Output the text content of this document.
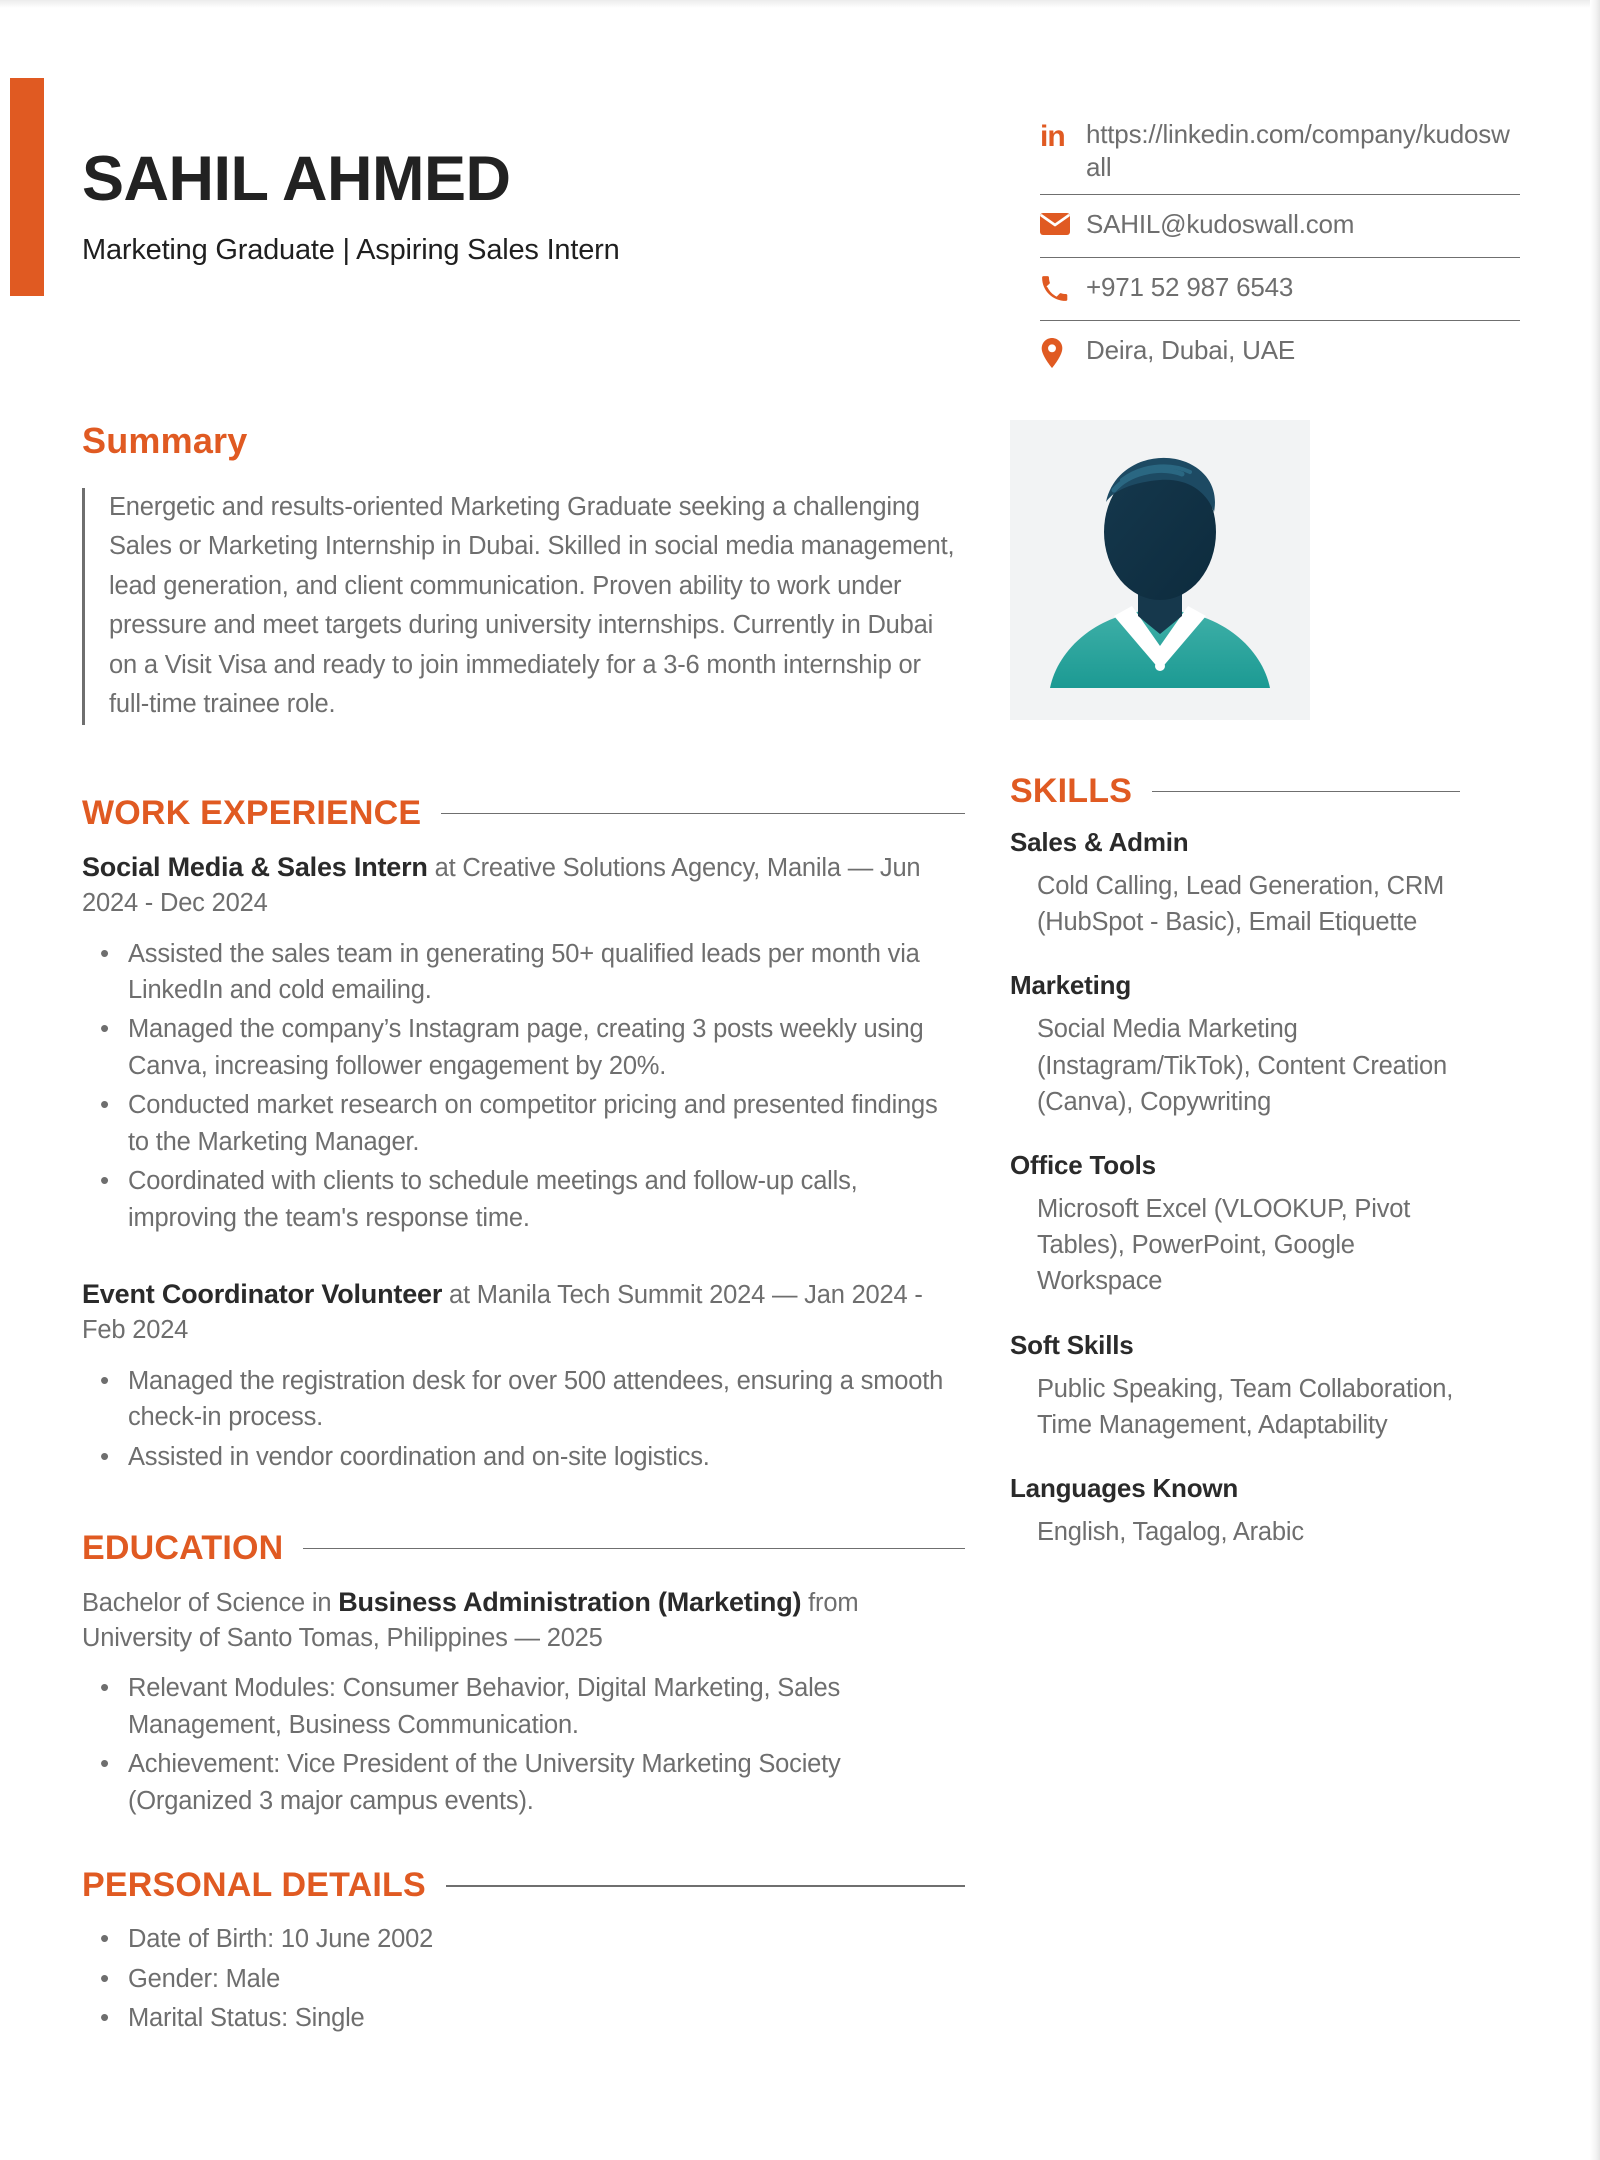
SAHIL AHMED
Marketing Graduate | Aspiring Sales Intern
in https://linkedin.com/company/kudoswall
SAHIL@kudoswall.com
+971 52 987 6543
Deira, Dubai, UAE
Summary

Energetic and results-oriented Marketing Graduate seeking a challenging Sales or Marketing Internship in Dubai. Skilled in social media management, lead generation, and client communication. Proven ability to work under pressure and meet targets during university internships. Currently in Dubai on a Visit Visa and ready to join immediately for a 3-6 month internship or full-time trainee role.

WORK EXPERIENCE
Social Media & Sales Intern at Creative Solutions Agency, Manila — Jun 2024 - Dec 2024
• Assisted the sales team in generating 50+ qualified leads per month via LinkedIn and cold emailing.
• Managed the company’s Instagram page, creating 3 posts weekly using Canva, increasing follower engagement by 20%.
• Conducted market research on competitor pricing and presented findings to the Marketing Manager.
• Coordinated with clients to schedule meetings and follow-up calls, improving the team's response time.
Event Coordinator Volunteer at Manila Tech Summit 2024 — Jan 2024 - Feb 2024
• Managed the registration desk for over 500 attendees, ensuring a smooth check-in process.
• Assisted in vendor coordination and on-site logistics.
EDUCATION
Bachelor of Science in Business Administration (Marketing) from University of Santo Tomas, Philippines — 2025
• Relevant Modules: Consumer Behavior, Digital Marketing, Sales Management, Business Communication.
• Achievement: Vice President of the University Marketing Society (Organized 3 major campus events).
PERSONAL DETAILS
• Date of Birth: 10 June 2002
• Gender: Male
• Marital Status: Single
SKILLS
Sales & Admin
Cold Calling, Lead Generation, CRM (HubSpot - Basic), Email Etiquette
Marketing
Social Media Marketing (Instagram/TikTok), Content Creation (Canva), Copywriting
Office Tools
Microsoft Excel (VLOOKUP, Pivot Tables), PowerPoint, Google Workspace
Soft Skills
Public Speaking, Team Collaboration, Time Management, Adaptability
Languages Known
English, Tagalog, Arabic
